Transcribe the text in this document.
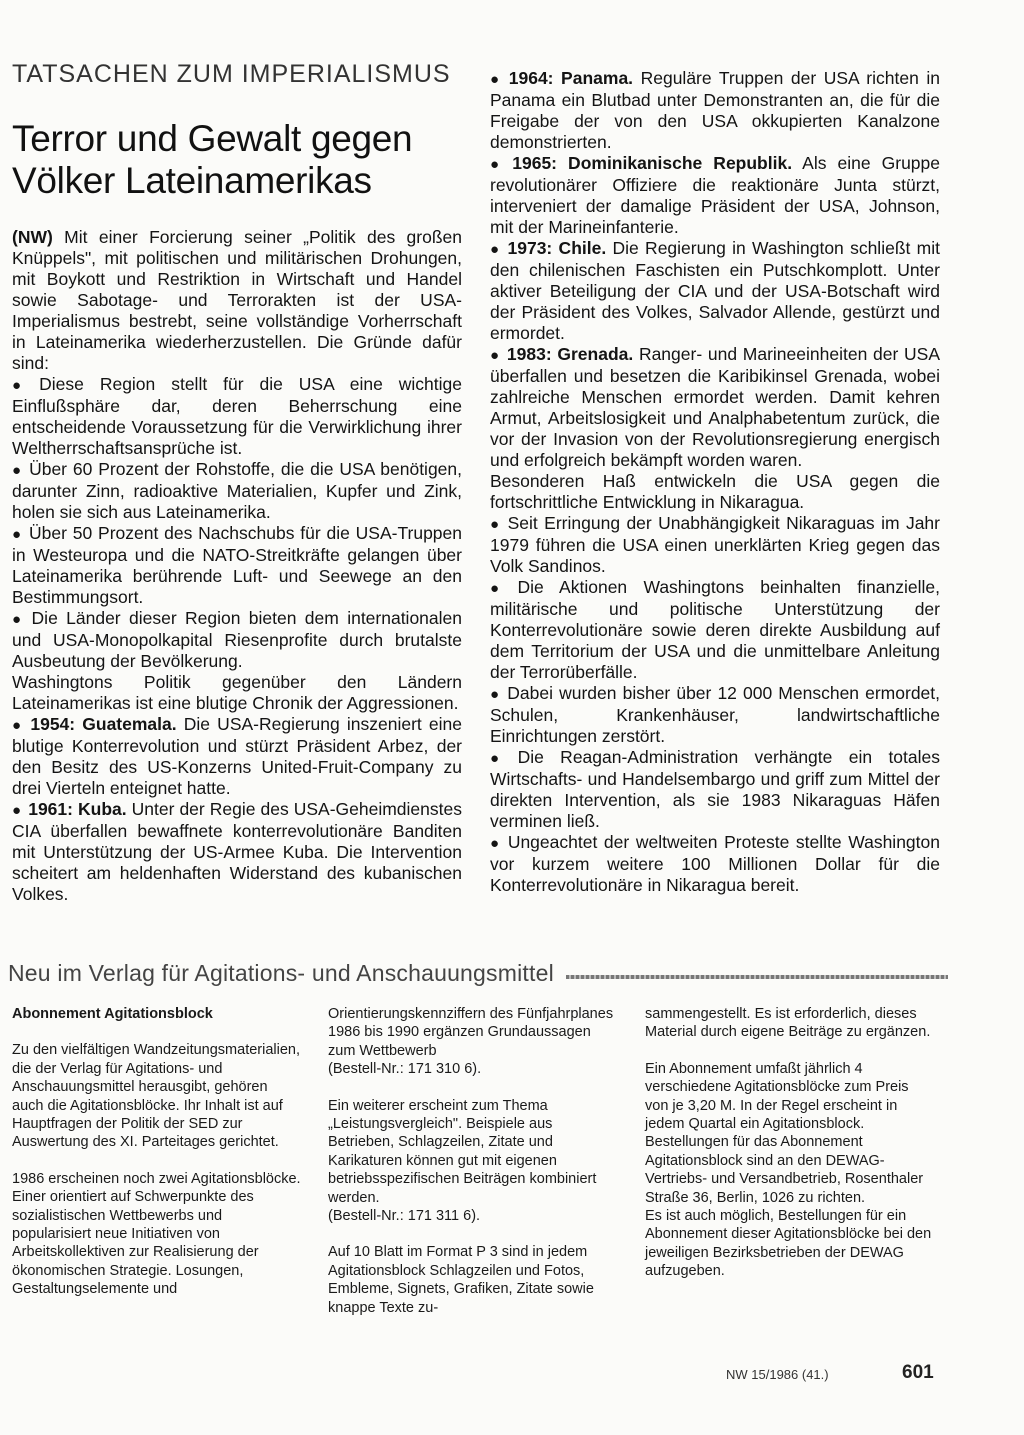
TATSACHEN ZUM IMPERIALISMUS
Terror und Gewalt gegen
Völker Lateinamerikas

(NW) Mit einer Forcierung seiner „Politik des großen Knüppels", mit politischen und militärischen Drohungen, mit Boykott und Restriktion in Wirtschaft und Handel sowie Sabotage- und Terrorakten ist der USA-Imperialismus bestrebt, seine vollständige Vorherrschaft in Lateinamerika wiederherzustellen. Die Gründe dafür sind:

● Diese Region stellt für die USA eine wichtige Einflußsphäre dar, deren Beherrschung eine entscheidende Voraussetzung für die Verwirklichung ihrer Weltherrschaftsansprüche ist.

● Über 60 Prozent der Rohstoffe, die die USA benötigen, darunter Zinn, radioaktive Materialien, Kupfer und Zink, holen sie sich aus Lateinamerika.

● Über 50 Prozent des Nachschubs für die USA-Truppen in Westeuropa und die NATO-Streitkräfte gelangen über Lateinamerika berührende Luft- und Seewege an den Bestimmungsort.

● Die Länder dieser Region bieten dem internationalen und USA-Monopolkapital Riesenprofite durch brutalste Ausbeutung der Bevölkerung.

Washingtons Politik gegenüber den Ländern Lateinamerikas ist eine blutige Chronik der Aggressionen.

● 1954: Guatemala. Die USA-Regierung inszeniert eine blutige Konterrevolution und stürzt Präsident Arbez, der den Besitz des US-Konzerns United-Fruit-Company zu drei Vierteln enteignet hatte.

● 1961: Kuba. Unter der Regie des USA-Geheimdienstes CIA überfallen bewaffnete konterrevolutionäre Banditen mit Unterstützung der US-Armee Kuba. Die Intervention scheitert am heldenhaften Widerstand des kubanischen Volkes.

● 1964: Panama. Reguläre Truppen der USA richten in Panama ein Blutbad unter Demonstranten an, die für die Freigabe der von den USA okkupierten Kanalzone demonstrierten.

● 1965: Dominikanische Republik. Als eine Gruppe revolutionärer Offiziere die reaktionäre Junta stürzt, interveniert der damalige Präsident der USA, Johnson, mit der Marineinfanterie.

● 1973: Chile. Die Regierung in Washington schließt mit den chilenischen Faschisten ein Putschkomplott. Unter aktiver Beteiligung der CIA und der USA-Botschaft wird der Präsident des Volkes, Salvador Allende, gestürzt und ermordet.

● 1983: Grenada. Ranger- und Marineeinheiten der USA überfallen und besetzen die Karibikinsel Grenada, wobei zahlreiche Menschen ermordet werden. Damit kehren Armut, Arbeitslosigkeit und Analphabetentum zurück, die vor der Invasion von der Revolutionsregierung energisch und erfolgreich bekämpft worden waren.

Besonderen Haß entwickeln die USA gegen die fortschrittliche Entwicklung in Nikaragua.

● Seit Erringung der Unabhängigkeit Nikaraguas im Jahr 1979 führen die USA einen unerklärten Krieg gegen das Volk Sandinos.

● Die Aktionen Washingtons beinhalten finanzielle, militärische und politische Unterstützung der Konterrevolutionäre sowie deren direkte Ausbildung auf dem Territorium der USA und die unmittelbare Anleitung der Terrorüberfälle.

● Dabei wurden bisher über 12 000 Menschen ermordet, Schulen, Krankenhäuser, landwirtschaftliche Einrichtungen zerstört.

● Die Reagan-Administration verhängte ein totales Wirtschafts- und Handelsembargo und griff zum Mittel der direkten Intervention, als sie 1983 Nikaraguas Häfen verminen ließ.

● Ungeachtet der weltweiten Proteste stellte Washington vor kurzem weitere 100 Millionen Dollar für die Konterrevolutionäre in Nikaragua bereit.

Neu im Verlag für Agitations- und Anschauungsmittel
Abonnement Agitationsblock

Zu den vielfältigen Wandzeitungsmaterialien, die der Verlag für Agitations- und Anschauungsmittel herausgibt, gehören auch die Agitationsblöcke. Ihr Inhalt ist auf Hauptfragen der Politik der SED zur Auswertung des XI. Parteitages gerichtet.

1986 erscheinen noch zwei Agitationsblöcke. Einer orientiert auf Schwerpunkte des sozialistischen Wettbewerbs und popularisiert neue Initiativen von Arbeitskollektiven zur Realisierung der ökonomischen Strategie. Losungen, Gestaltungselemente und

Orientierungskennziffern des Fünfjahrplanes 1986 bis 1990 ergänzen Grundaussagen zum Wettbewerb

(Bestell-Nr.: 171 310 6).

Ein weiterer erscheint zum Thema „Leistungsvergleich". Beispiele aus Betrieben, Schlagzeilen, Zitate und Karikaturen können gut mit eigenen betriebsspezifischen Beiträgen kombiniert werden.

(Bestell-Nr.: 171 311 6).

Auf 10 Blatt im Format P 3 sind in jedem Agitationsblock Schlagzeilen und Fotos, Embleme, Signets, Grafiken, Zitate sowie knappe Texte zu-

sammengestellt. Es ist erforderlich, dieses Material durch eigene Beiträge zu ergänzen.

Ein Abonnement umfaßt jährlich 4 verschiedene Agitationsblöcke zum Preis von je 3,20 M. In der Regel erscheint in jedem Quartal ein Agitationsblock. Bestellungen für das Abonnement Agitationsblock sind an den DEWAG-Vertriebs- und Versandbetrieb, Rosenthaler Straße 36, Berlin, 1026 zu richten.

Es ist auch möglich, Bestellungen für ein Abonnement dieser Agitationsblöcke bei den jeweiligen Bezirksbetrieben der DEWAG aufzugeben.

NW 15/1986 (41.)	601
